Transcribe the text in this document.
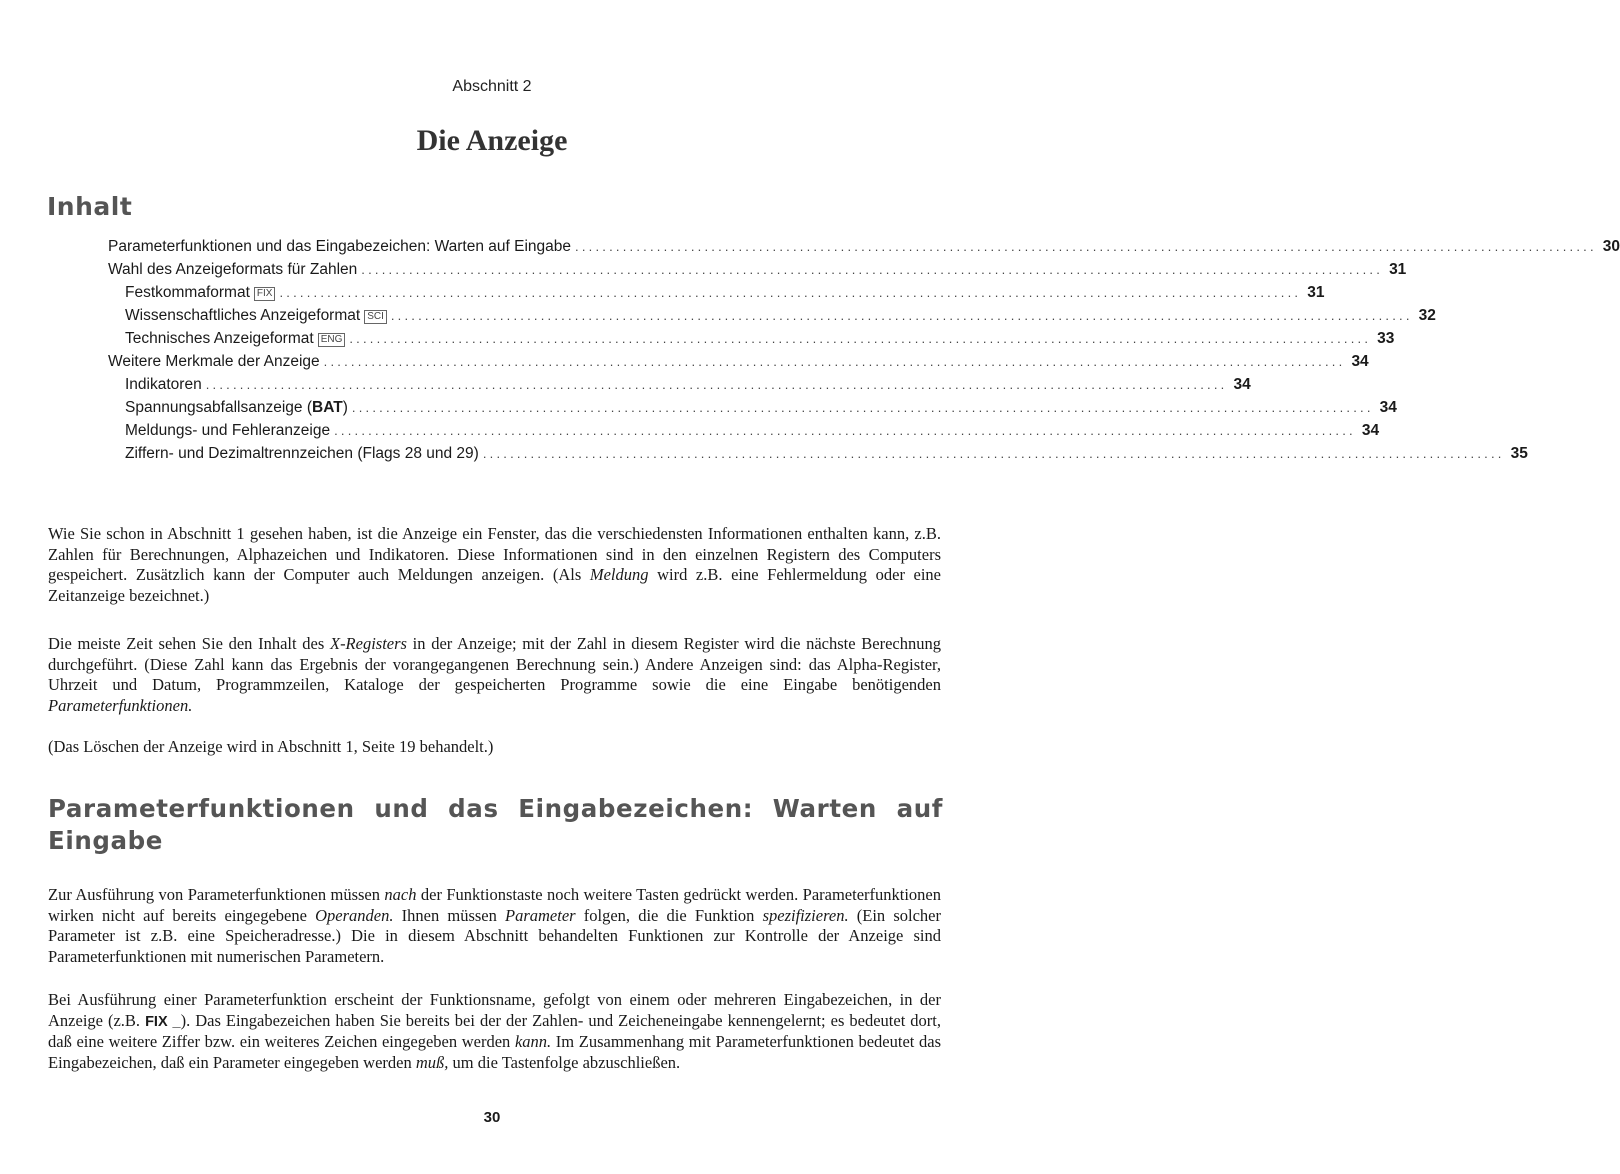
Abschnitt 2
Die Anzeige
Inhalt
Parameterfunktionen und das Eingabezeichen: Warten auf Eingabe ...................................................................................................................................................... 30
Wahl des Anzeigeformats für Zahlen ...................................................................................................................................................... 31
Festkommaformat FIX ...................................................................................................................................................... 31
Wissenschaftliches Anzeigeformat SCI ...................................................................................................................................................... 32
Technisches Anzeigeformat ENG ...................................................................................................................................................... 33
Weitere Merkmale der Anzeige ...................................................................................................................................................... 34
Indikatoren ...................................................................................................................................................... 34
Spannungsabfallsanzeige (BAT) ...................................................................................................................................................... 34
Meldungs- und Fehleranzeige ...................................................................................................................................................... 34
Ziffern- und Dezimaltrennzeichen (Flags 28 und 29) ...................................................................................................................................................... 35

Wie Sie schon in Abschnitt 1 gesehen haben, ist die Anzeige ein Fenster, das die verschiedensten Informationen enthalten kann, z.B. Zahlen für Berechnungen, Alphazeichen und Indikatoren. Diese Informationen sind in den einzelnen Registern des Computers gespeichert. Zusätzlich kann der Computer auch Meldungen anzeigen. (Als Meldung wird z.B. eine Fehlermeldung oder eine Zeitanzeige bezeichnet.)

Die meiste Zeit sehen Sie den Inhalt des X-Registers in der Anzeige; mit der Zahl in diesem Register wird die nächste Berechnung durchgeführt. (Diese Zahl kann das Ergebnis der vorangegangenen Berechnung sein.) Andere Anzeigen sind: das Alpha-Register, Uhrzeit und Datum, Programmzeilen, Kataloge der gespeicherten Programme sowie die eine Eingabe benötigenden Parameterfunktionen.

(Das Löschen der Anzeige wird in Abschnitt 1, Seite 19 behandelt.)

Parameterfunktionen und das Eingabezeichen: Warten auf Eingabe

Zur Ausführung von Parameterfunktionen müssen nach der Funktionstaste noch weitere Tasten gedrückt werden. Parameterfunktionen wirken nicht auf bereits eingegebene Operanden. Ihnen müssen Parameter folgen, die die Funktion spezifizieren. (Ein solcher Parameter ist z.B. eine Speicheradresse.) Die in diesem Abschnitt behandelten Funktionen zur Kontrolle der Anzeige sind Parameterfunktionen mit numerischen Parametern.

Bei Ausführung einer Parameterfunktion erscheint der Funktionsname, gefolgt von einem oder mehreren Eingabezeichen, in der Anzeige (z.B. FIX _). Das Eingabezeichen haben Sie bereits bei der der Zahlen- und Zeicheneingabe kennengelernt; es bedeutet dort, daß eine weitere Ziffer bzw. ein weiteres Zeichen eingegeben werden kann. Im Zusammenhang mit Parameterfunktionen bedeutet das Eingabezeichen, daß ein Parameter eingegeben werden muß, um die Tastenfolge abzuschließen.

30
